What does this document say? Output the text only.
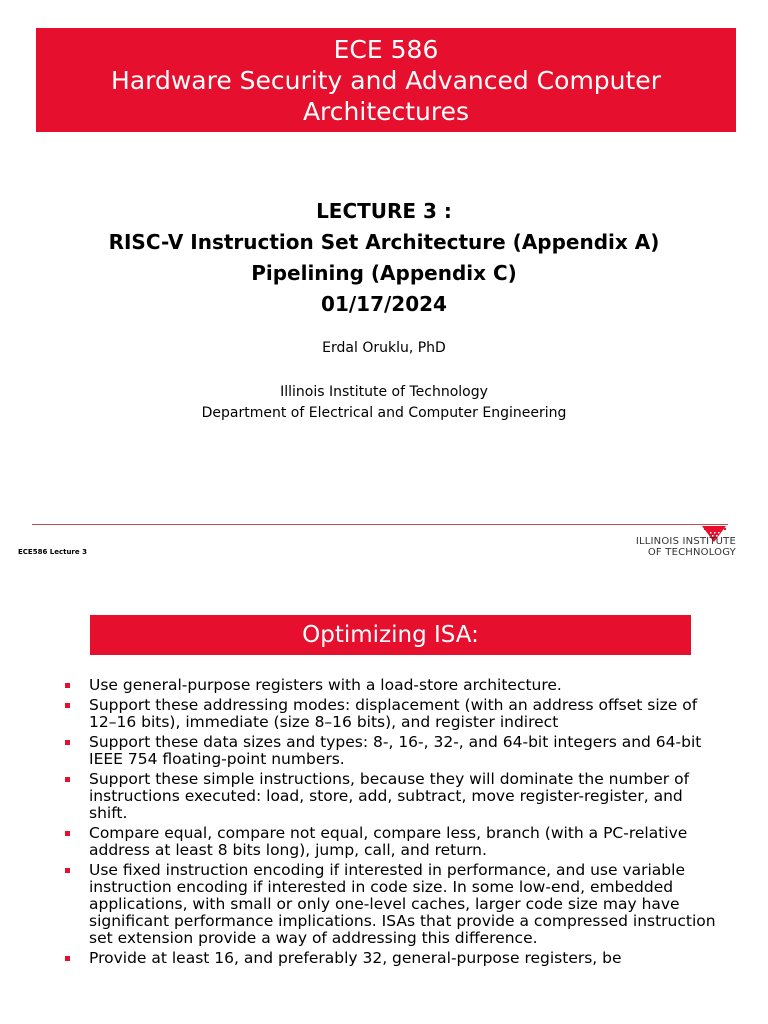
ECE 586
Hardware Security and Advanced Computer
Architectures
LECTURE 3 :
RISC-V Instruction Set Architecture (Appendix A)
Pipelining (Appendix C)
01/17/2024
Erdal Oruklu, PhD
Illinois Institute of Technology
Department of Electrical and Computer Engineering
ECE586 Lecture 3
ILLINOIS INSTITUTE
OF TECHNOLOGY
Optimizing ISA:
Use general-purpose registers with a load-store architecture.
Support these addressing modes: displacement (with an address offset size of 12–16 bits), immediate (size 8–16 bits), and register indirect
Support these data sizes and types: 8-, 16-, 32-, and 64-bit integers and 64-bit IEEE 754 floating-point numbers.
Support these simple instructions, because they will dominate the number of instructions executed: load, store, add, subtract, move register-register, and shift.
Compare equal, compare not equal, compare less, branch (with a PC-relative address at least 8 bits long), jump, call, and return.
Use fixed instruction encoding if interested in performance, and use variable instruction encoding if interested in code size. In some low-end, embedded applications, with small or only one-level caches, larger code size may have significant performance implications. ISAs that provide a compressed instruction set extension provide a way of addressing this difference.
Provide at least 16, and preferably 32, general-purpose registers, be
